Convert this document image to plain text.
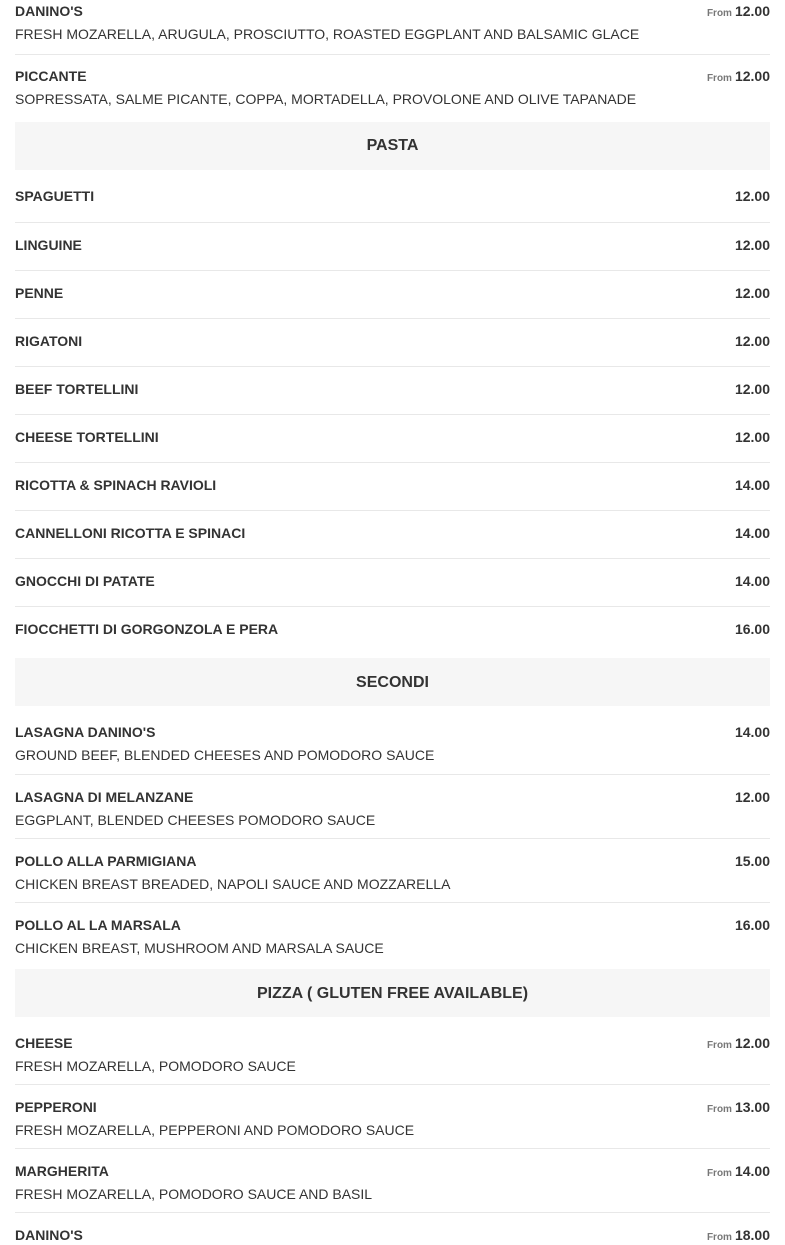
DANINO'S
FRESH MOZARELLA, ARUGULA, PROSCIUTTO, ROASTED EGGPLANT AND BALSAMIC GLACE
From 12.00
PICCANTE
SOPRESSATA, SALME PICANTE, COPPA, MORTADELLA, PROVOLONE AND OLIVE TAPANADE
From 12.00
PASTA
SPAGUETTI	12.00
LINGUINE	12.00
PENNE	12.00
RIGATONI	12.00
BEEF TORTELLINI	12.00
CHEESE TORTELLINI	12.00
RICOTTA & SPINACH RAVIOLI	14.00
CANNELLONI RICOTTA E SPINACI	14.00
GNOCCHI DI PATATE	14.00
FIOCCHETTI DI GORGONZOLA E PERA	16.00
SECONDI
LASAGNA DANINO'S
GROUND BEEF, BLENDED CHEESES AND POMODORO SAUCE
14.00
LASAGNA DI MELANZANE
EGGPLANT, BLENDED CHEESES POMODORO SAUCE
12.00
POLLO ALLA PARMIGIANA
CHICKEN BREAST BREADED, NAPOLI SAUCE AND MOZZARELLA
15.00
POLLO AL LA MARSALA
CHICKEN BREAST, MUSHROOM AND MARSALA SAUCE
16.00
PIZZA ( GLUTEN FREE AVAILABLE)
CHEESE
FRESH MOZARELLA, POMODORO SAUCE
From 12.00
PEPPERONI
FRESH MOZARELLA, PEPPERONI AND POMODORO SAUCE
From 13.00
MARGHERITA
FRESH MOZARELLA, POMODORO SAUCE AND BASIL
From 14.00
DANINO'S	From 18.00
